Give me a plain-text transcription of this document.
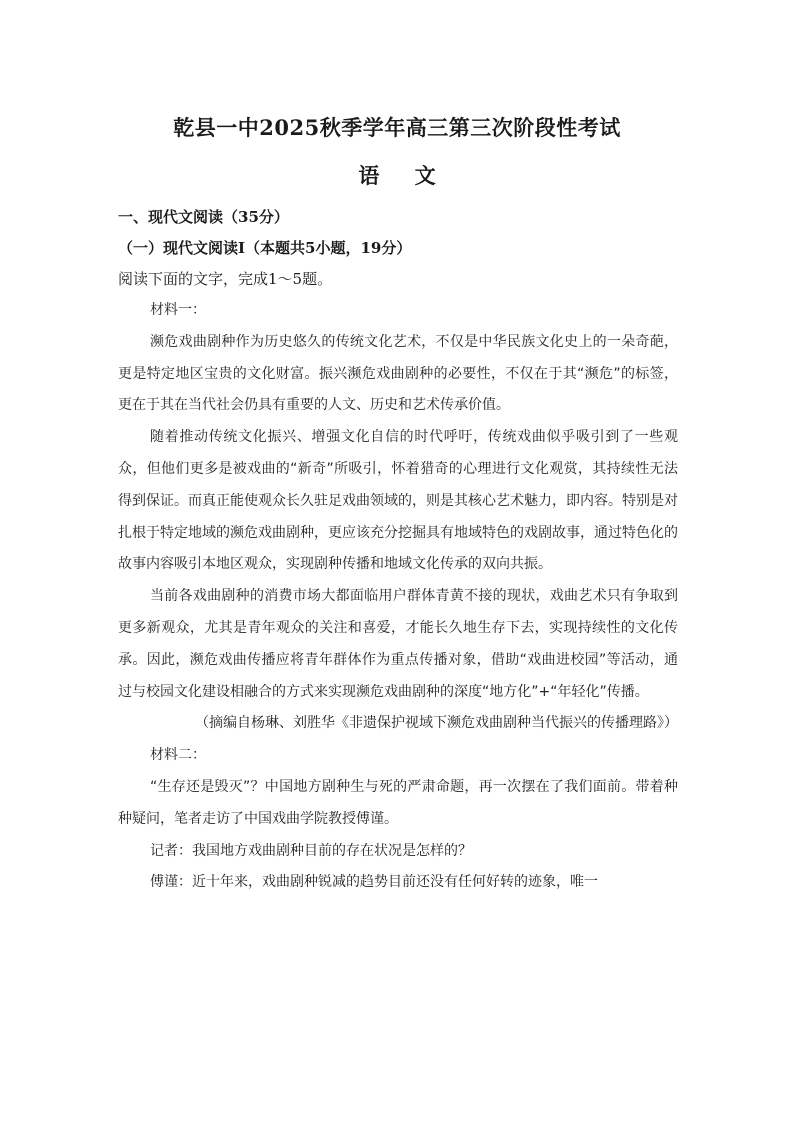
乾县一中2025秋季学年高三第三次阶段性考试
语 文

一、现代文阅读（35分）

（一）现代文阅读Ⅰ（本题共5小题，19分）

阅读下面的文字，完成1～5题。

材料一：

濒危戏曲剧种作为历史悠久的传统文化艺术，不仅是中华民族文化史上的一朵奇葩，更是特定地区宝贵的文化财富。振兴濒危戏曲剧种的必要性，不仅在于其“濒危”的标签，更在于其在当代社会仍具有重要的人文、历史和艺术传承价值。

随着推动传统文化振兴、增强文化自信的时代呼吁，传统戏曲似乎吸引到了一些观众，但他们更多是被戏曲的“新奇”所吸引，怀着猎奇的心理进行文化观赏，其持续性无法得到保证。而真正能使观众长久驻足戏曲领域的，则是其核心艺术魅力，即内容。特别是对扎根于特定地域的濒危戏曲剧种，更应该充分挖掘具有地域特色的戏剧故事，通过特色化的故事内容吸引本地区观众，实现剧种传播和地域文化传承的双向共振。

当前各戏曲剧种的消费市场大都面临用户群体青黄不接的现状，戏曲艺术只有争取到更多新观众，尤其是青年观众的关注和喜爱，才能长久地生存下去，实现持续性的文化传承。因此，濒危戏曲传播应将青年群体作为重点传播对象，借助“戏曲进校园”等活动，通过与校园文化建设相融合的方式来实现濒危戏曲剧种的深度“地方化”+“年轻化”传播。

（摘编自杨琳、刘胜华《非遗保护视域下濒危戏曲剧种当代振兴的传播理路》）

材料二：

“生存还是毁灭”？中国地方剧种生与死的严肃命题，再一次摆在了我们面前。带着种种疑问，笔者走访了中国戏曲学院教授傅谨。

记者：我国地方戏曲剧种目前的存在状况是怎样的？

傅谨：近十年来，戏曲剧种锐减的趋势目前还没有任何好转的迹象，唯一
